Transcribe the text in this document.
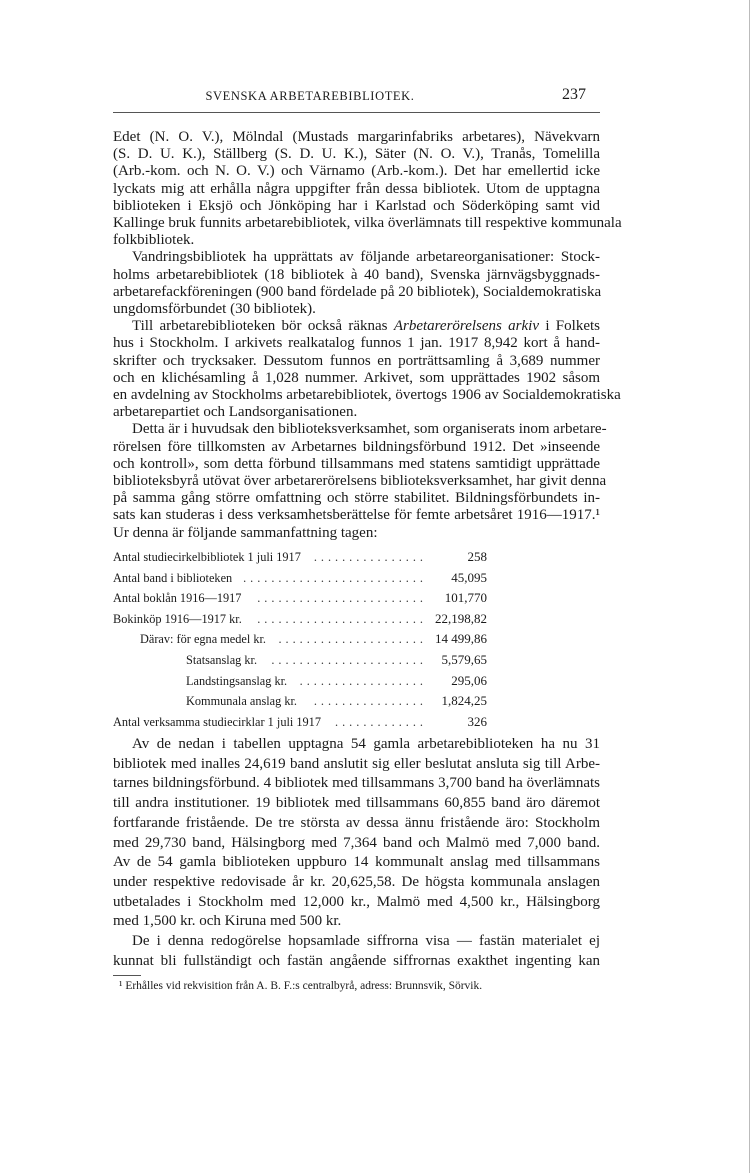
SVENSKA ARBETAREBIBLIOTEK.	237
Edet (N. O. V.), Mölndal (Mustads margarinfabriks arbetares), Nävekvarn
(S. D. U. K.), Ställberg (S. D. U. K.), Säter (N. O. V.), Tranås, Tomelilla
(Arb.-kom. och N. O. V.) och Värnamo (Arb.-kom.). Det har emellertid icke
lyckats mig att erhålla några uppgifter från dessa bibliotek. Utom de upptagna
biblioteken i Eksjö och Jönköping har i Karlstad och Söderköping samt vid
Kallinge bruk funnits arbetarebibliotek, vilka överlämnats till respektive kommunala
folkbibliotek.
Vandringsbibliotek ha upprättats av följande arbetareorganisationer: Stock-
holms arbetarebibliotek (18 bibliotek à 40 band), Svenska järnvägsbyggnads-
arbetarefackföreningen (900 band fördelade på 20 bibliotek), Socialdemokratiska
ungdomsförbundet (30 bibliotek).
Till arbetarebiblioteken bör också räknas Arbetarerörelsens arkiv i Folkets
hus i Stockholm. I arkivets realkatalog funnos 1 jan. 1917 8,942 kort å hand-
skrifter och trycksaker. Dessutom funnos en porträttsamling å 3,689 nummer
och en klichésamling å 1,028 nummer. Arkivet, som upprättades 1902 såsom
en avdelning av Stockholms arbetarebibliotek, övertogs 1906 av Socialdemokratiska
arbetarepartiet och Landsorganisationen.
Detta är i huvudsak den biblioteksverksamhet, som organiserats inom arbetare-
rörelsen före tillkomsten av Arbetarnes bildningsförbund 1912. Det »inseende
och kontroll», som detta förbund tillsammans med statens samtidigt upprättade
biblioteksbyrå utövat över arbetarerörelsens biblioteksverksamhet, har givit denna
på samma gång större omfattning och större stabilitet. Bildningsförbundets in-
sats kan studeras i dess verksamhetsberättelse för femte arbetsåret 1916—1917.¹
Ur denna är följande sammanfattning tagen:
Antal studiecirkelbibliotek 1 juli 1917	................	258
Antal band i biblioteken ..........................	45,095
Antal boklån 1916—1917	........................	101,770
Bokinköp 1916—1917 kr.	........................ 22,198,82
Därav: för egna medel kr.	..................... 14 499,86
Statsanslag kr.	......................	5,579,65
Landstingsanslag kr.	..................	295,06
Kommunala anslag kr.	................	1,824,25
Antal verksamma studiecirklar 1 juli 1917	.............	326
Av de nedan i tabellen upptagna 54 gamla arbetarebiblioteken ha nu 31
bibliotek med inalles 24,619 band anslutit sig eller beslutat ansluta sig till Arbe-
tarnes bildningsförbund. 4 bibliotek med tillsammans 3,700 band ha överlämnats
till andra institutioner. 19 bibliotek med tillsammans 60,855 band äro däremot
fortfarande fristående. De tre största av dessa ännu fristående äro: Stockholm
med 29,730 band, Hälsingborg med 7,364 band och Malmö med 7,000 band.
Av de 54 gamla biblioteken uppburo 14 kommunalt anslag med tillsammans
under respektive redovisade år kr. 20,625,58. De högsta kommunala anslagen
utbetalades i Stockholm med 12,000 kr., Malmö med 4,500 kr., Hälsingborg
med 1,500 kr. och Kiruna med 500 kr.
De i denna redogörelse hopsamlade siffrorna visa — fastän materialet ej
kunnat bli fullständigt och fastän angående siffrornas exakthet ingenting kan
¹ Erhålles vid rekvisition från A. B. F.:s centralbyrå, adress: Brunnsvik, Sörvik.
